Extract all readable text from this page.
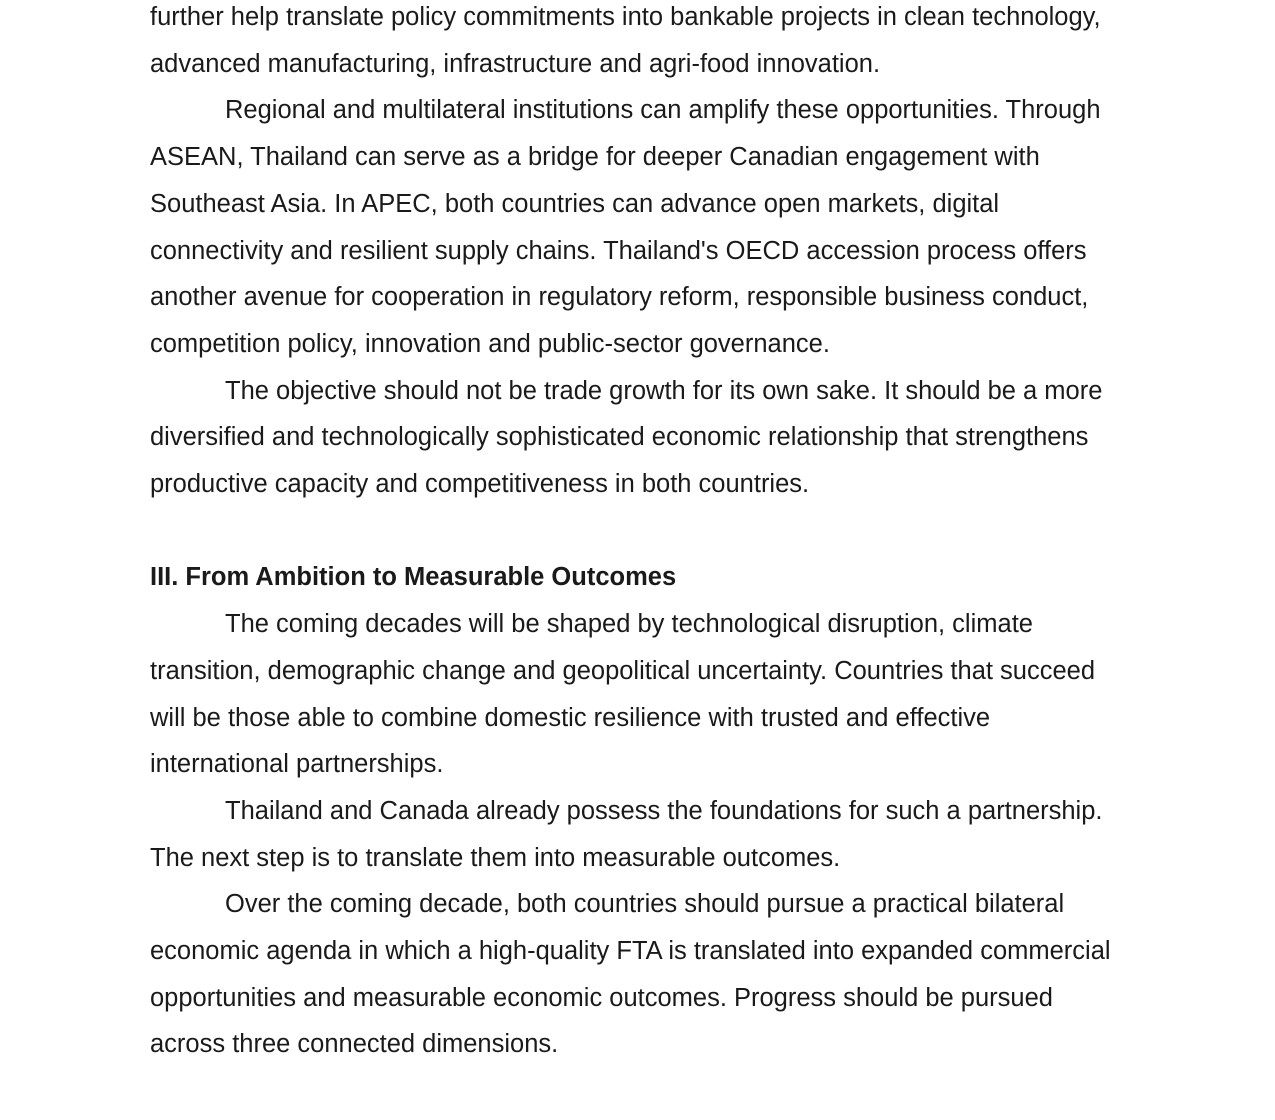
further help translate policy commitments into bankable projects in clean technology, advanced manufacturing, infrastructure and agri-food innovation.

Regional and multilateral institutions can amplify these opportunities. Through ASEAN, Thailand can serve as a bridge for deeper Canadian engagement with Southeast Asia. In APEC, both countries can advance open markets, digital connectivity and resilient supply chains. Thailand's OECD accession process offers another avenue for cooperation in regulatory reform, responsible business conduct, competition policy, innovation and public-sector governance.

The objective should not be trade growth for its own sake. It should be a more diversified and technologically sophisticated economic relationship that strengthens productive capacity and competitiveness in both countries.

III. From Ambition to Measurable Outcomes

The coming decades will be shaped by technological disruption, climate transition, demographic change and geopolitical uncertainty. Countries that succeed will be those able to combine domestic resilience with trusted and effective international partnerships.

Thailand and Canada already possess the foundations for such a partnership. The next step is to translate them into measurable outcomes.

Over the coming decade, both countries should pursue a practical bilateral economic agenda in which a high-quality FTA is translated into expanded commercial opportunities and measurable economic outcomes. Progress should be pursued across three connected dimensions.
